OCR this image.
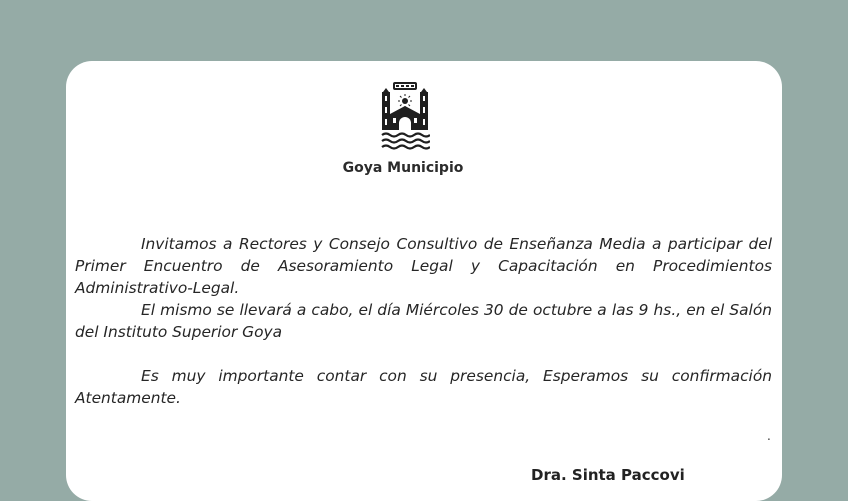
Goya Municipio

Invitamos a Rectores y Consejo Consultivo de Enseñanza Media a participar del Primer Encuentro de Asesoramiento Legal y Capacitación en Procedimientos Administrativo-Legal.

El mismo se llevará a cabo, el día Miércoles 30 de octubre a las 9 hs., en el Salón del Instituto Superior Goya

Es muy importante contar con su presencia, Esperamos su confirmación Atentamente.

.
Dra. Sinta Paccovi
